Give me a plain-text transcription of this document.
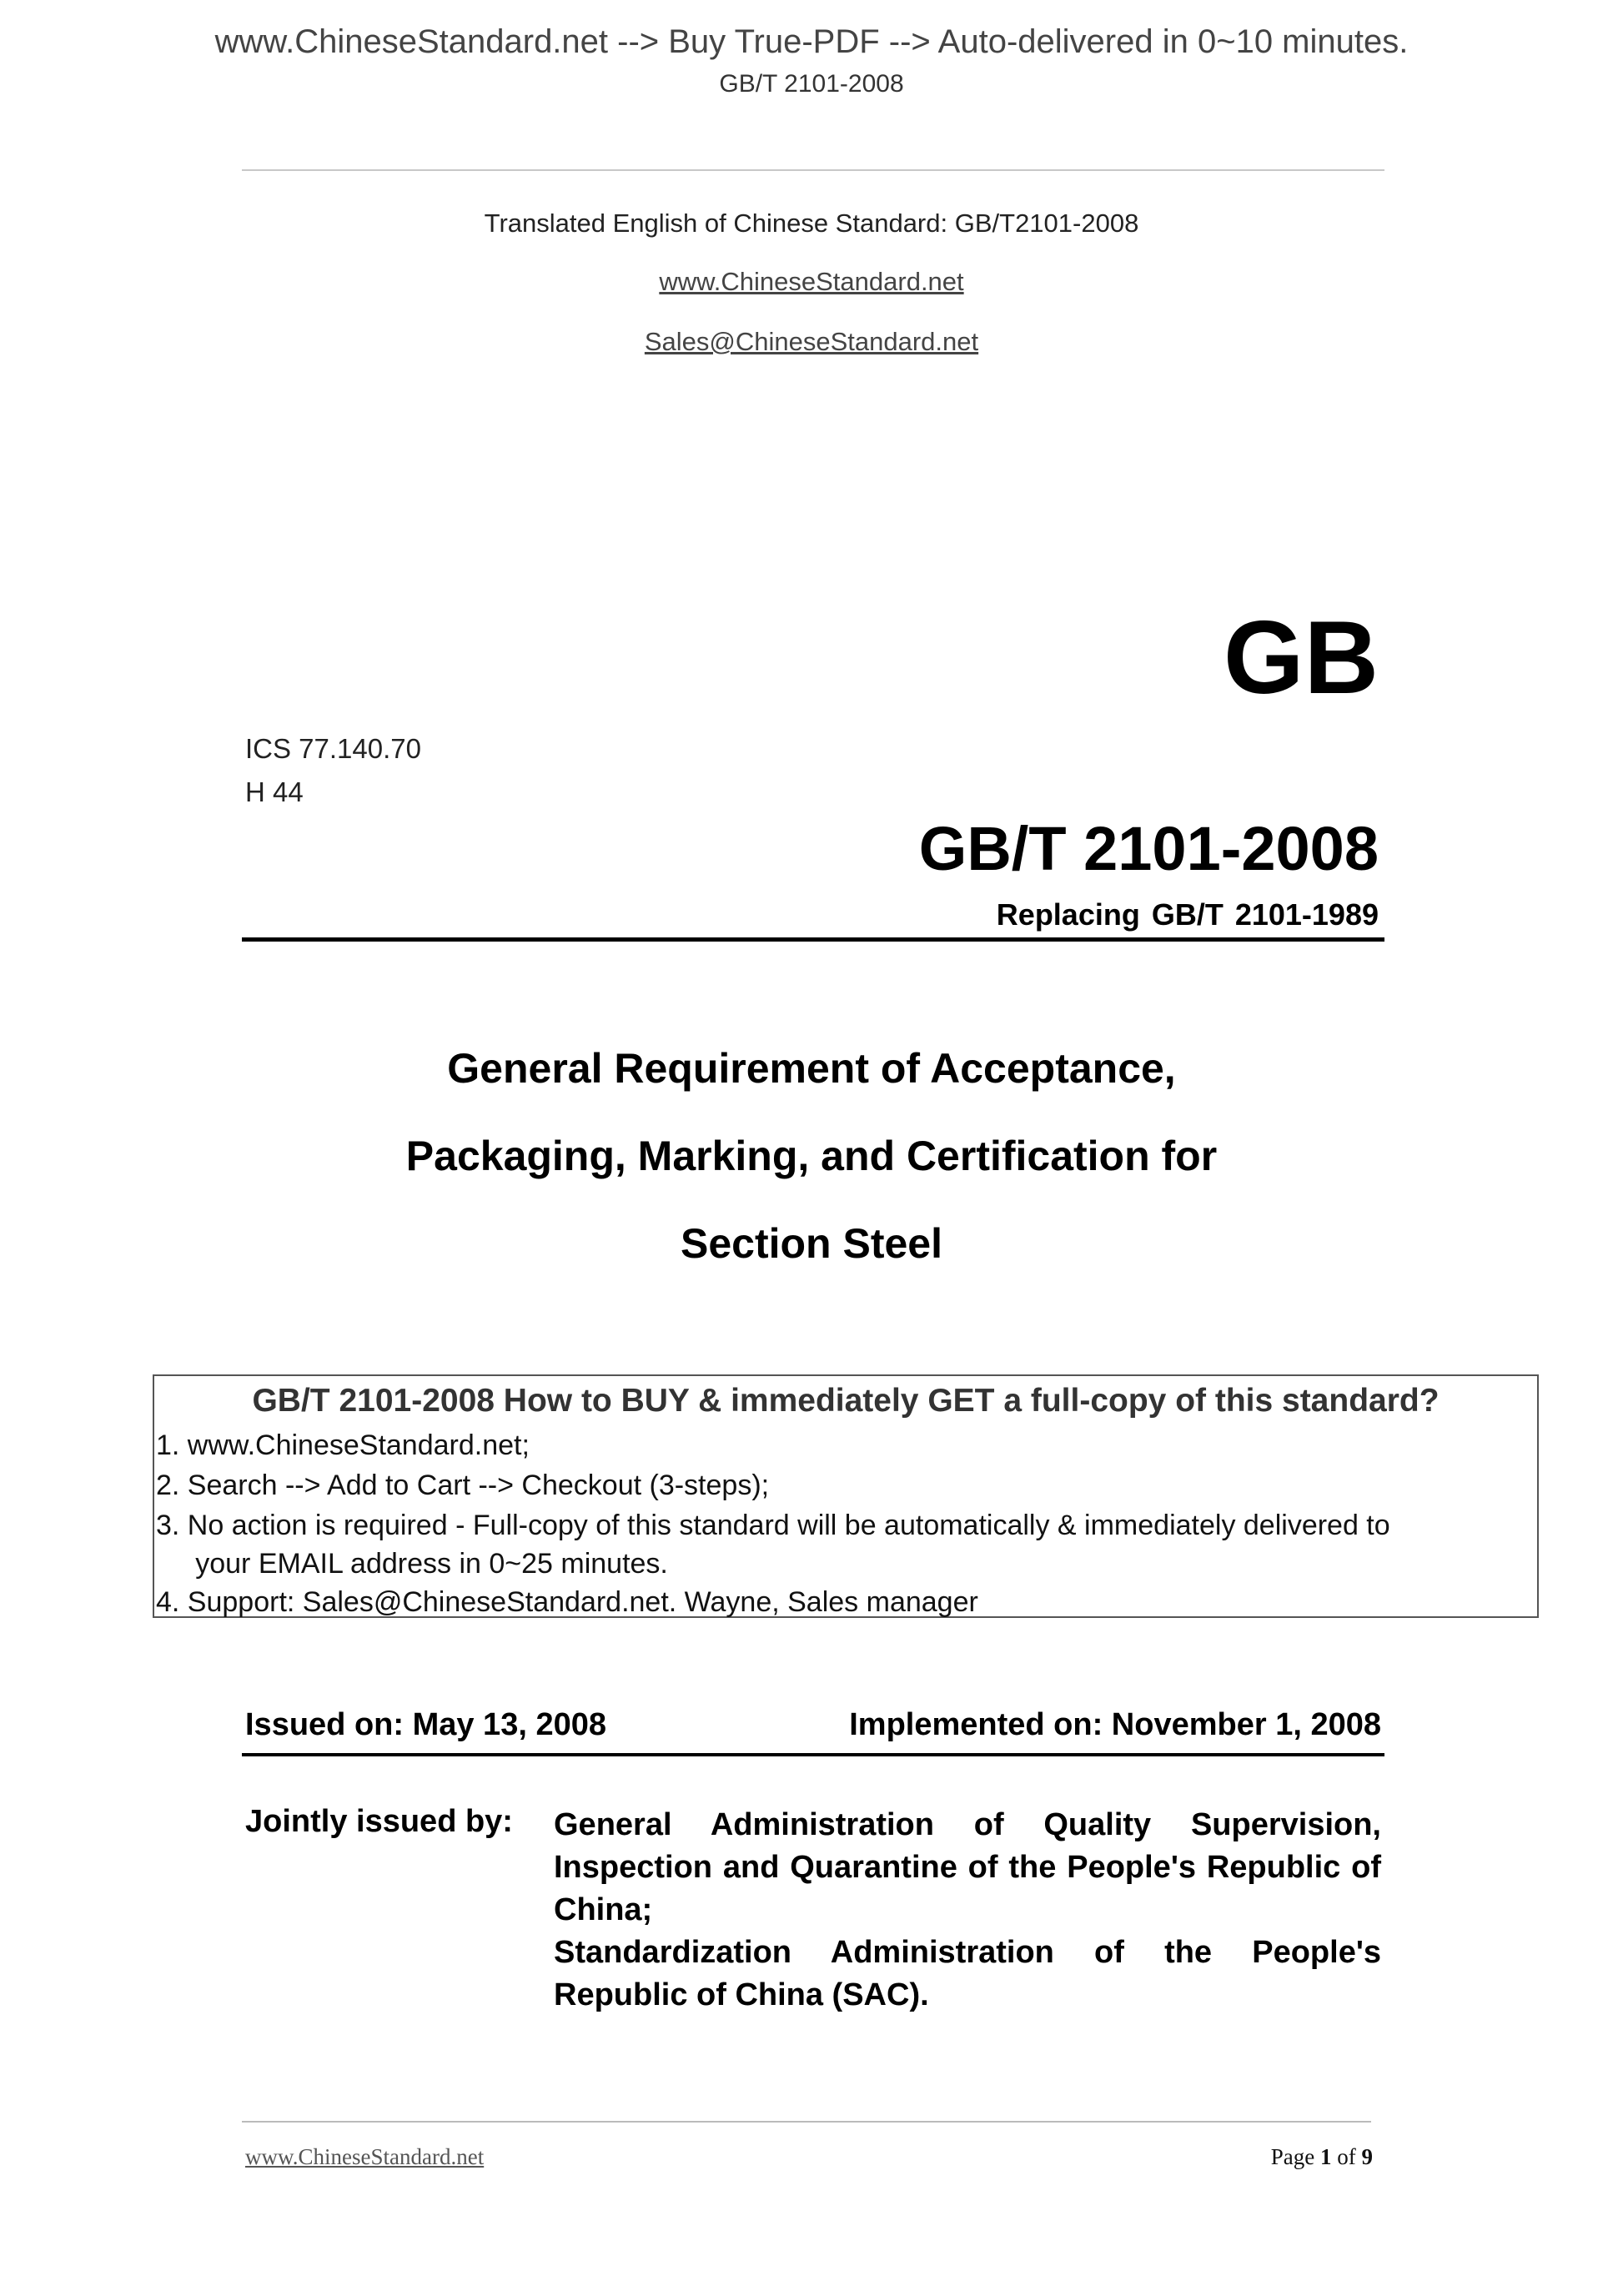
www.ChineseStandard.net --> Buy True-PDF --> Auto-delivered in 0~10 minutes.
GB/T 2101-2008
Translated English of Chinese Standard: GB/T2101-2008
www.ChineseStandard.net
Sales@ChineseStandard.net
GB
ICS 77.140.70
H 44
GB/T 2101-2008
Replacing GB/T 2101-1989
General Requirement of Acceptance,
Packaging, Marking, and Certification for
Section Steel
GB/T 2101-2008 How to BUY & immediately GET a full-copy of this standard?
1. www.ChineseStandard.net;
2. Search --> Add to Cart --> Checkout (3-steps);
3. No action is required - Full-copy of this standard will be automatically & immediately delivered to
your EMAIL address in 0~25 minutes.
4. Support: Sales@ChineseStandard.net. Wayne, Sales manager
Issued on: May 13, 2008	Implemented on: November 1, 2008
Jointly issued by: General Administration of Quality Supervision, Inspection and Quarantine of the People's Republic of China;

Standardization Administration of the People's Republic of China (SAC).

www.ChineseStandard.net	Page 1 of 9
